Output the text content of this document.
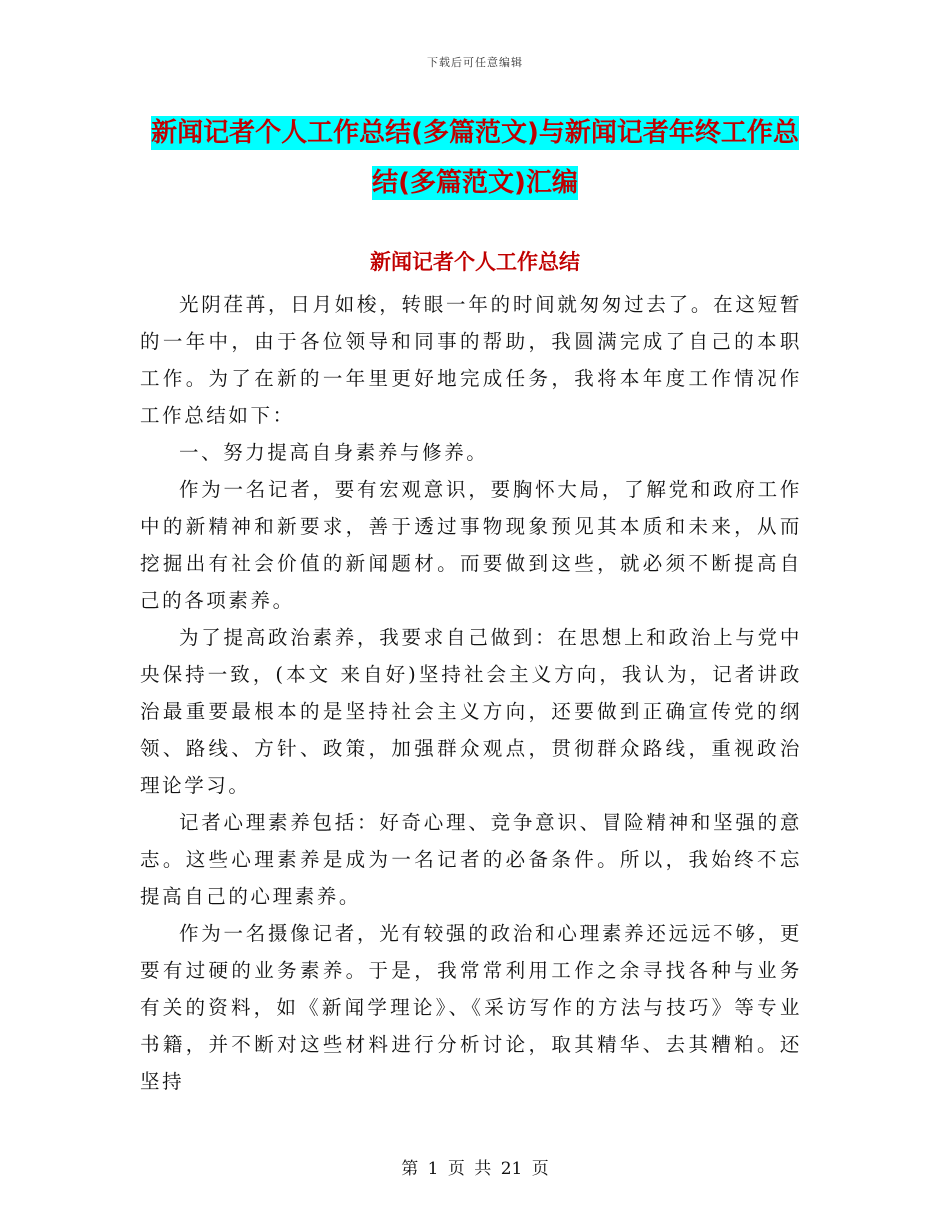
下载后可任意编辑
新闻记者个人工作总结(多篇范文)与新闻记者年终工作总结(多篇范文)汇编
新闻记者个人工作总结

光阴荏苒，日月如梭，转眼一年的时间就匆匆过去了。在这短暂的一年中，由于各位领导和同事的帮助，我圆满完成了自己的本职工作。为了在新的一年里更好地完成任务，我将本年度工作情况作工作总结如下：

一、努力提高自身素养与修养。

作为一名记者，要有宏观意识，要胸怀大局，了解党和政府工作中的新精神和新要求，善于透过事物现象预见其本质和未来，从而挖掘出有社会价值的新闻题材。而要做到这些，就必须不断提高自己的各项素养。

为了提高政治素养，我要求自己做到：在思想上和政治上与党中央保持一致，(本文 来自好)坚持社会主义方向，我认为，记者讲政治最重要最根本的是坚持社会主义方向，还要做到正确宣传党的纲领、路线、方针、政策，加强群众观点，贯彻群众路线，重视政治理论学习。

记者心理素养包括：好奇心理、竞争意识、冒险精神和坚强的意志。这些心理素养是成为一名记者的必备条件。所以，我始终不忘提高自己的心理素养。

作为一名摄像记者，光有较强的政治和心理素养还远远不够，更要有过硬的业务素养。于是，我常常利用工作之余寻找各种与业务有关的资料，如《新闻学理论》、《采访写作的方法与技巧》等专业书籍，并不断对这些材料进行分析讨论，取其精华、去其糟粕。还坚持

第 1 页 共 21 页
